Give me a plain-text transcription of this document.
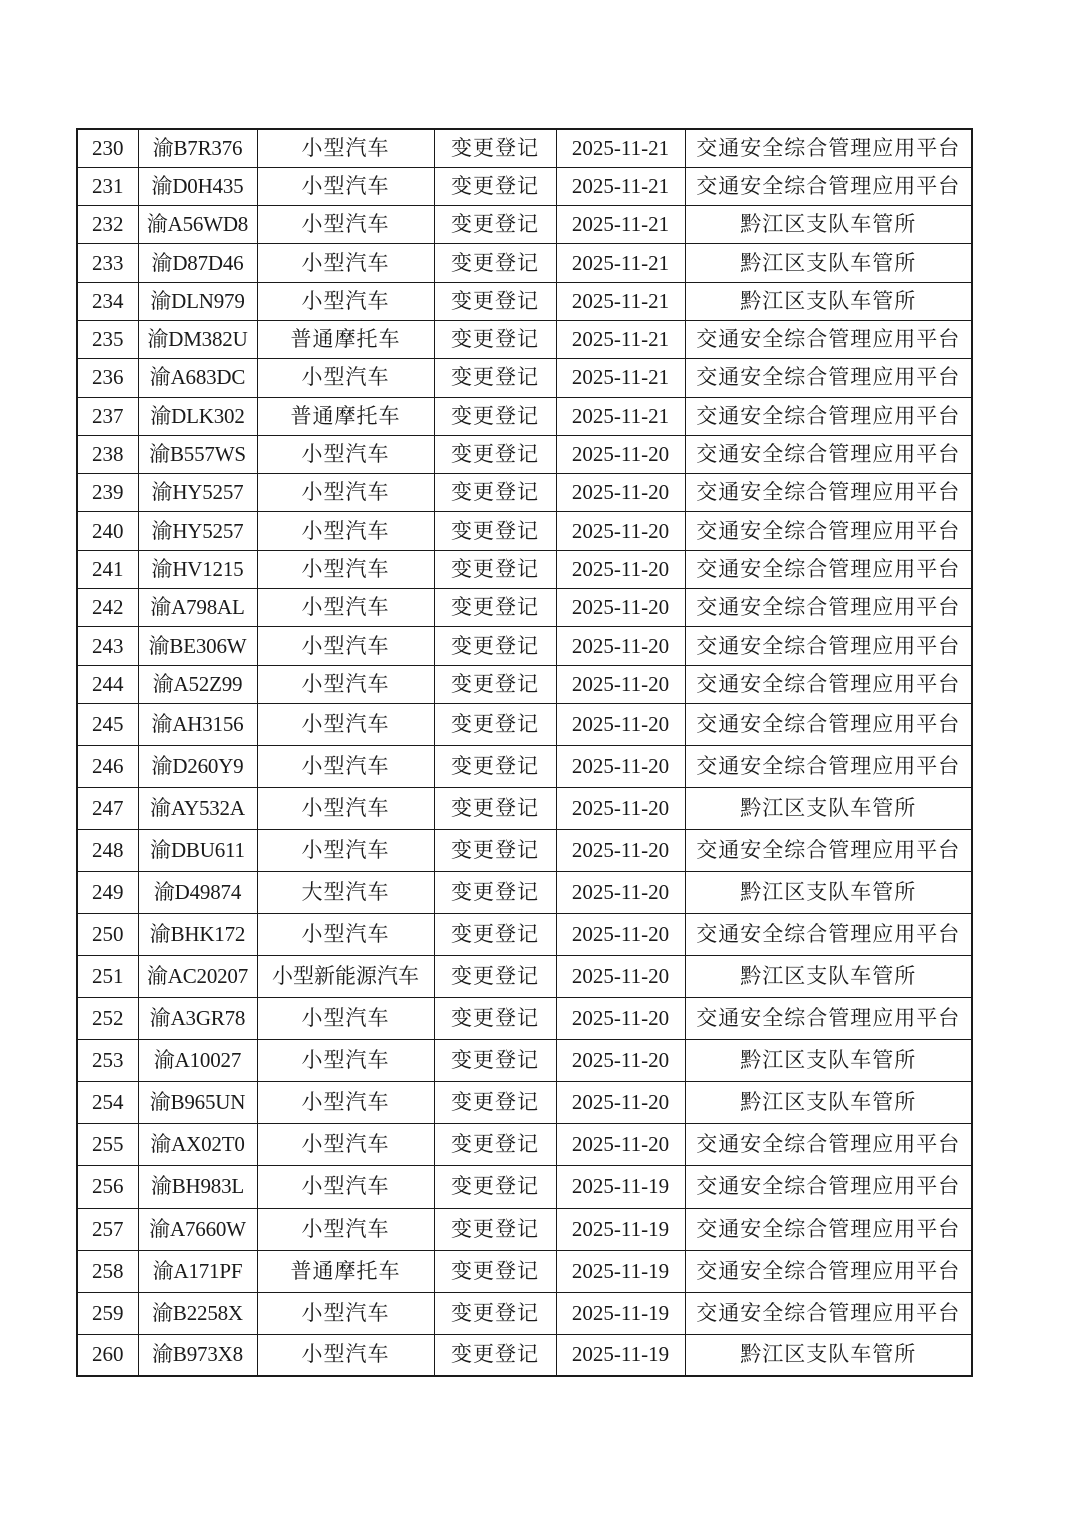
230	渝B7R376	小型汽车	变更登记	2025-11-21	交通安全综合管理应用平台
231	渝D0H435	小型汽车	变更登记	2025-11-21	交通安全综合管理应用平台
232	渝A56WD8	小型汽车	变更登记	2025-11-21	黔江区支队车管所
233	渝D87D46	小型汽车	变更登记	2025-11-21	黔江区支队车管所
234	渝DLN979	小型汽车	变更登记	2025-11-21	黔江区支队车管所
235	渝DM382U	普通摩托车	变更登记	2025-11-21	交通安全综合管理应用平台
236	渝A683DC	小型汽车	变更登记	2025-11-21	交通安全综合管理应用平台
237	渝DLK302	普通摩托车	变更登记	2025-11-21	交通安全综合管理应用平台
238	渝B557WS	小型汽车	变更登记	2025-11-20	交通安全综合管理应用平台
239	渝HY5257	小型汽车	变更登记	2025-11-20	交通安全综合管理应用平台
240	渝HY5257	小型汽车	变更登记	2025-11-20	交通安全综合管理应用平台
241	渝HV1215	小型汽车	变更登记	2025-11-20	交通安全综合管理应用平台
242	渝A798AL	小型汽车	变更登记	2025-11-20	交通安全综合管理应用平台
243	渝BE306W	小型汽车	变更登记	2025-11-20	交通安全综合管理应用平台
244	渝A52Z99	小型汽车	变更登记	2025-11-20	交通安全综合管理应用平台
245	渝AH3156	小型汽车	变更登记	2025-11-20	交通安全综合管理应用平台
246	渝D260Y9	小型汽车	变更登记	2025-11-20	交通安全综合管理应用平台
247	渝AY532A	小型汽车	变更登记	2025-11-20	黔江区支队车管所
248	渝DBU611	小型汽车	变更登记	2025-11-20	交通安全综合管理应用平台
249	渝D49874	大型汽车	变更登记	2025-11-20	黔江区支队车管所
250	渝BHK172	小型汽车	变更登记	2025-11-20	交通安全综合管理应用平台
251	渝AC20207	小型新能源汽车	变更登记	2025-11-20	黔江区支队车管所
252	渝A3GR78	小型汽车	变更登记	2025-11-20	交通安全综合管理应用平台
253	渝A10027	小型汽车	变更登记	2025-11-20	黔江区支队车管所
254	渝B965UN	小型汽车	变更登记	2025-11-20	黔江区支队车管所
255	渝AX02T0	小型汽车	变更登记	2025-11-20	交通安全综合管理应用平台
256	渝BH983L	小型汽车	变更登记	2025-11-19	交通安全综合管理应用平台
257	渝A7660W	小型汽车	变更登记	2025-11-19	交通安全综合管理应用平台
258	渝A171PF	普通摩托车	变更登记	2025-11-19	交通安全综合管理应用平台
259	渝B2258X	小型汽车	变更登记	2025-11-19	交通安全综合管理应用平台
260	渝B973X8	小型汽车	变更登记	2025-11-19	黔江区支队车管所
